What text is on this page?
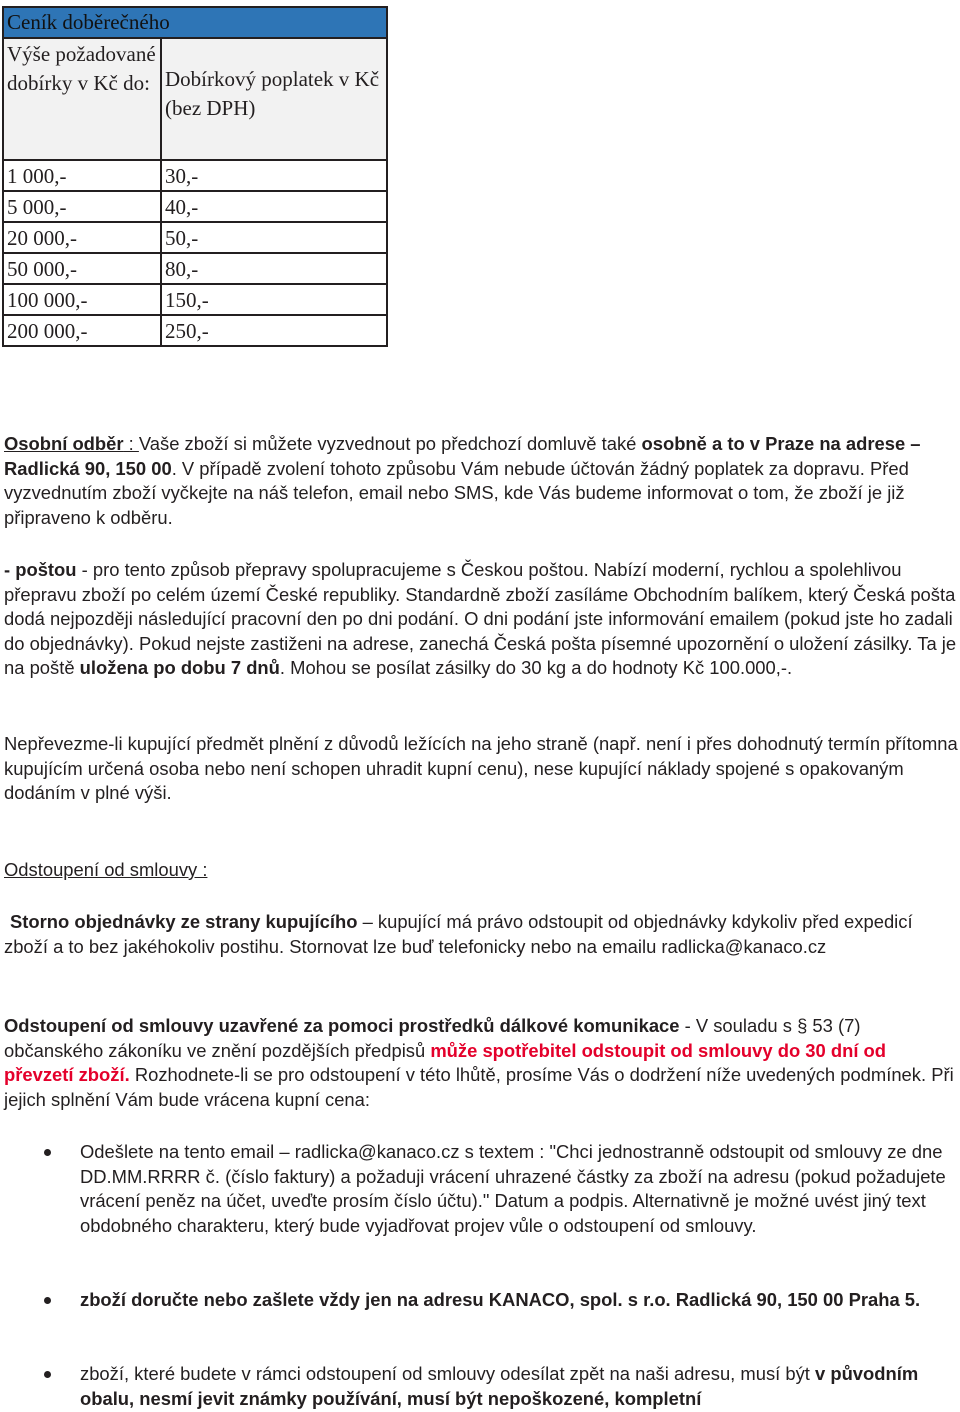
Ceník doběrečného	
Výše požadované dobírky v Kč do:	Dobírkový poplatek v Kč
(bez DPH)

1 000,-	30,-
5 000,-	40,-
20 000,-	50,-
50 000,-	80,-
100 000,-	150,-
200 000,-	250,-

Osobní odběr : Vaše zboží si můžete vyzvednout po předchozí domluvě také osobně a to v Praze na adrese – Radlická 90, 150 00. V případě zvolení tohoto způsobu Vám nebude účtován žádný poplatek za dopravu. Před vyzvednutím zboží vyčkejte na náš telefon, email nebo SMS, kde Vás budeme informovat o tom, že zboží je již připraveno k odběru.

- poštou - pro tento způsob přepravy spolupracujeme s Českou poštou. Nabízí moderní, rychlou a spolehlivou přepravu zboží po celém území České republiky. Standardně zboží zasíláme Obchodním balíkem, který Česká pošta dodá nejpozději následující pracovní den po dni podání. O dni podání jste informování emailem (pokud jste ho zadali do objednávky). Pokud nejste zastiženi na adrese, zanechá Česká pošta písemné upozornění o uložení zásilky. Ta je na poště uložena po dobu 7 dnů. Mohou se posílat zásilky do 30 kg a do hodnoty Kč 100.000,-.

Nepřevezme-li kupující předmět plnění z důvodů ležících na jeho straně (např. není i přes dohodnutý termín přítomna kupujícím určená osoba nebo není schopen uhradit kupní cenu), nese kupující náklady spojené s opakovaným dodáním v plné výši.

Odstoupení od smlouvy :

Storno objednávky ze strany kupujícího – kupující má právo odstoupit od objednávky kdykoliv před expedicí zboží a to bez jakéhokoliv postihu. Stornovat lze buď telefonicky nebo na emailu radlicka@kanaco.cz

Odstoupení od smlouvy uzavřené za pomoci prostředků dálkové komunikace - V souladu s § 53 (7) občanského zákoníku ve znění pozdějších předpisů může spotřebitel odstoupit od smlouvy do 30 dní od převzetí zboží. Rozhodnete-li se pro odstoupení v této lhůtě, prosíme Vás o dodržení níže uvedených podmínek. Při jejich splnění Vám bude vrácena kupní cena:

Odešlete na tento email – radlicka@kanaco.cz s textem : "Chci jednostranně odstoupit od smlouvy ze dne DD.MM.RRRR č. (číslo faktury) a požaduji vrácení uhrazené částky za zboží na adresu (pokud požadujete vrácení peněz na účet, uveďte prosím číslo účtu)." Datum a podpis. Alternativně je možné uvést jiný text obdobného charakteru, který bude vyjadřovat projev vůle o odstoupení od smlouvy.

zboží doručte nebo zašlete vždy jen na adresu KANACO, spol. s r.o. Radlická 90, 150 00 Praha 5.

zboží, které budete v rámci odstoupení od smlouvy odesílat zpět na naši adresu, musí být v původním obalu, nesmí jevit známky používání, musí být nepoškozené, kompletní
